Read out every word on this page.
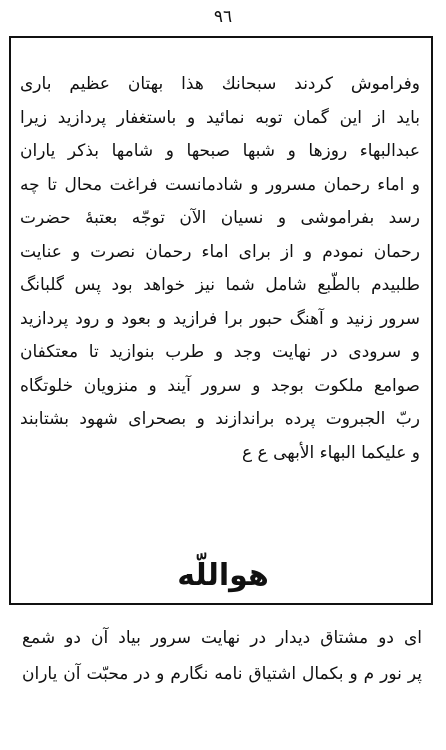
٩٦
وفراموش کردند سبحانك هذا بهتان عظیم باری
باید از این گمان توبه نمائید و باستغفار پردازید زیرا
عبدالبهاء روزها و شبها صبحها و شامها بذکر یاران
و اماء رحمان مسرور و شادمانست فراغت محال تا چه
رسد بفراموشی و نسیان الآن توجّه بعتبۀ حضرت
رحمان نمودم و از برای اماء رحمان نصرت و عنایت
طلبیدم بالطّبع شامل شما نیز خواهد بود پس گلبانگ
سرور زنید و آهنگ حبور برا فرازید و بعود و رود پردازید
و سرودی در نهایت وجد و طرب بنوازید تا معتکفان
صوامع ملکوت بوجد و سرور آیند و منزویان خلوتگاه
ربّ الجبروت پرده براندازند و بصحرای شهود بشتابند
و علیکما البهاء الأبهی ع ع
هواللّه
ای دو مشتاق دیدار در نهایت سرور بیاد آن دو شمع
پر نور م و بکمال اشتیاق نامه نگارم و در محبّت آن یاران
